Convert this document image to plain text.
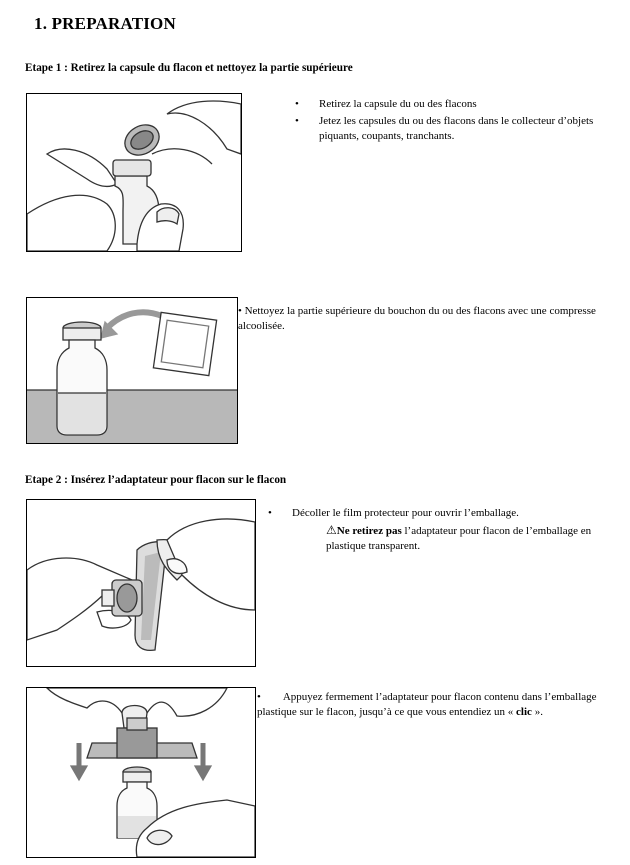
1. PREPARATION

Etape 1 : Retirez la capsule du flacon et nettoyez la partie supérieure

• Retirez la capsule du ou des flacons
• Jetez les capsules du ou des flacons dans le collecteur d’objets piquants, coupants, tranchants.
• Nettoyez la partie supérieure du bouchon du ou des flacons avec une compresse alcoolisée.

Etape 2 : Insérez l’adaptateur pour flacon sur le flacon

• Décoller le film protecteur pour ouvrir l’emballage.
⚠Ne retirez pas l’adaptateur pour flacon de l’emballage en plastique transparent.
• Appuyez fermement l’adaptateur pour flacon contenu dans l’emballage plastique sur le flacon, jusqu’à ce que vous entendiez un « clic ».
